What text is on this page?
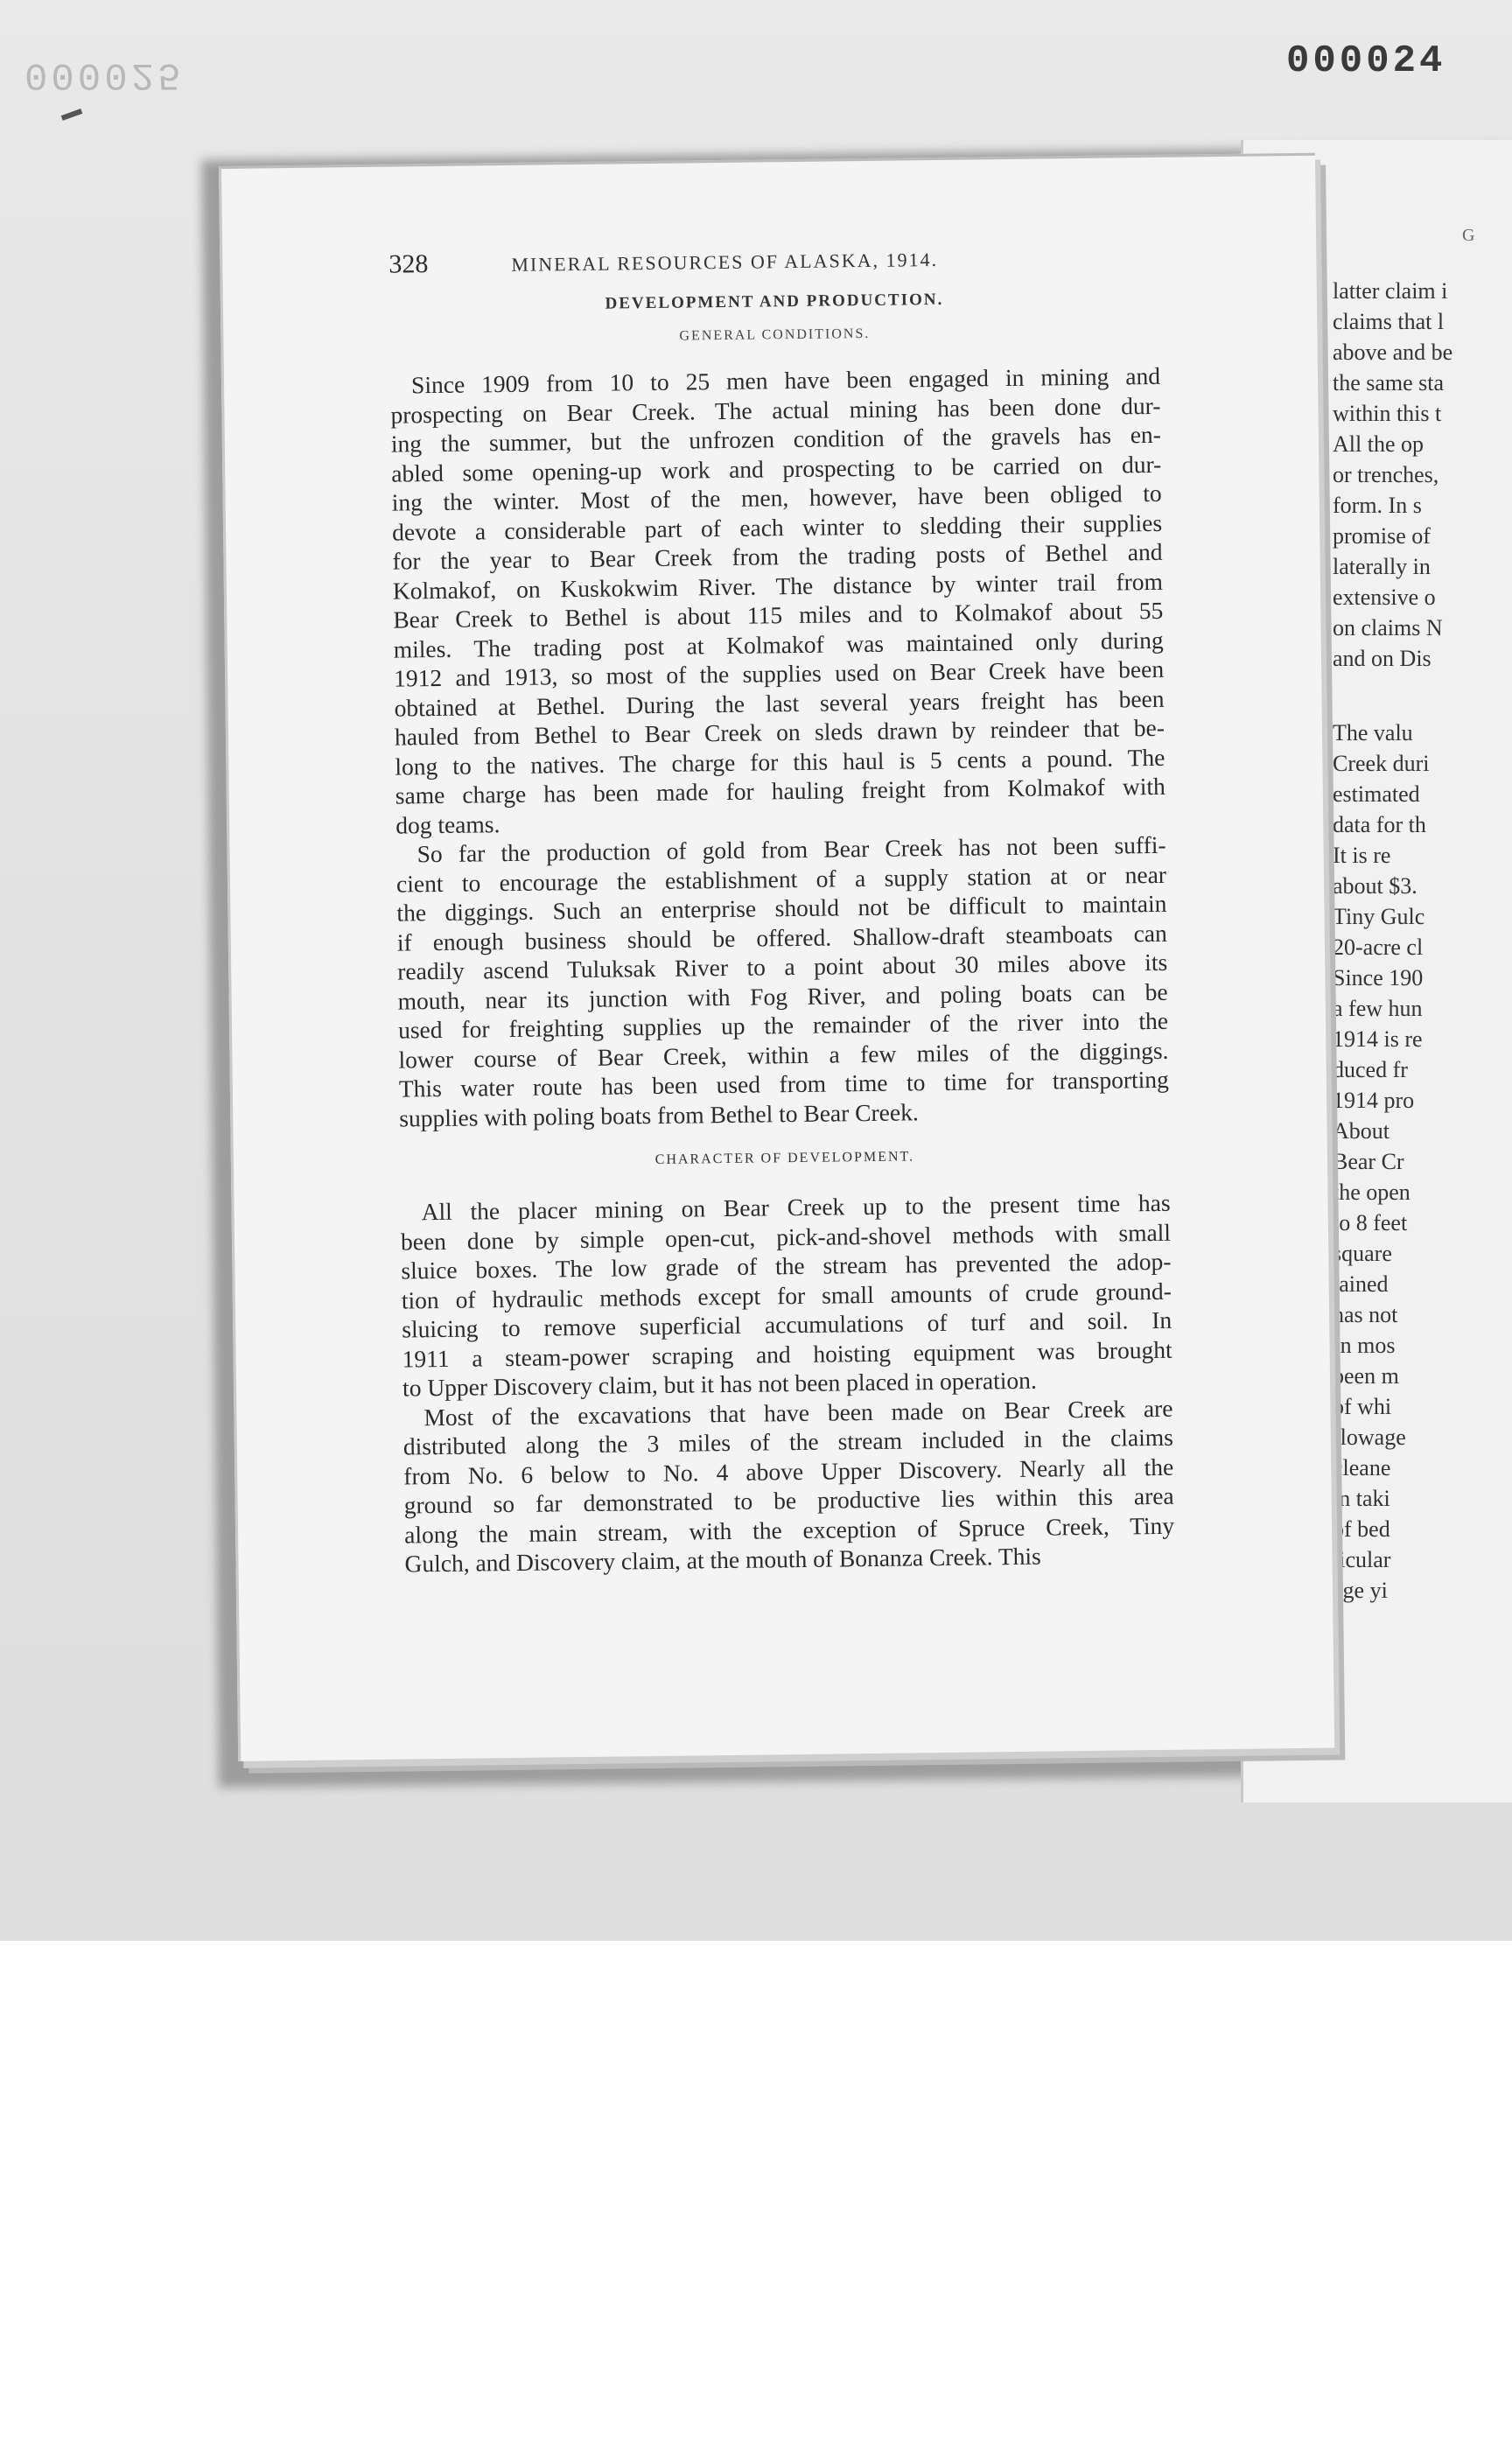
000025	000024
G
latter claim i
claims that l
above and be
the same sta
within this t
All the op
or trenches,
form. In s
promise of
laterally in
extensive o
on claims N
and on Dis
The valu
Creek duri
estimated
data for th
It is re
about $3.
Tiny Gulc
20-acre cl
Since 190
a few hun
1914 is re
duced fr
1914 pro
About
Bear Cr
the open
to 8 feet
square
tained
has not
In mos
been m
of whi
flowage
cleane
in taki
of bed
ticular
age yi
328	MINERAL RESOURCES OF ALASKA, 1914.
DEVELOPMENT AND PRODUCTION.
GENERAL CONDITIONS.

Since 1909 from 10 to 25 men have been engaged in mining and
prospecting on Bear Creek. The actual mining has been done dur-
ing the summer, but the unfrozen condition of the gravels has en-
abled some opening-up work and prospecting to be carried on dur-
ing the winter. Most of the men, however, have been obliged to
devote a considerable part of each winter to sledding their supplies
for the year to Bear Creek from the trading posts of Bethel and
Kolmakof, on Kuskokwim River. The distance by winter trail from
Bear Creek to Bethel is about 115 miles and to Kolmakof about 55
miles. The trading post at Kolmakof was maintained only during
1912 and 1913, so most of the supplies used on Bear Creek have been
obtained at Bethel. During the last several years freight has been
hauled from Bethel to Bear Creek on sleds drawn by reindeer that be-
long to the natives. The charge for this haul is 5 cents a pound. The
same charge has been made for hauling freight from Kolmakof with
dog teams.

So far the production of gold from Bear Creek has not been suffi-
cient to encourage the establishment of a supply station at or near
the diggings. Such an enterprise should not be difficult to maintain
if enough business should be offered. Shallow-draft steamboats can
readily ascend Tuluksak River to a point about 30 miles above its
mouth, near its junction with Fog River, and poling boats can be
used for freighting supplies up the remainder of the river into the
lower course of Bear Creek, within a few miles of the diggings.
This water route has been used from time to time for transporting
supplies with poling boats from Bethel to Bear Creek.

CHARACTER OF DEVELOPMENT.

All the placer mining on Bear Creek up to the present time has
been done by simple open-cut, pick-and-shovel methods with small
sluice boxes. The low grade of the stream has prevented the adop-
tion of hydraulic methods except for small amounts of crude ground-
sluicing to remove superficial accumulations of turf and soil. In
1911 a steam-power scraping and hoisting equipment was brought
to Upper Discovery claim, but it has not been placed in operation.

Most of the excavations that have been made on Bear Creek are
distributed along the 3 miles of the stream included in the claims
from No. 6 below to No. 4 above Upper Discovery. Nearly all the
ground so far demonstrated to be productive lies within this area
along the main stream, with the exception of Spruce Creek, Tiny
Gulch, and Discovery claim, at the mouth of Bonanza Creek. This
